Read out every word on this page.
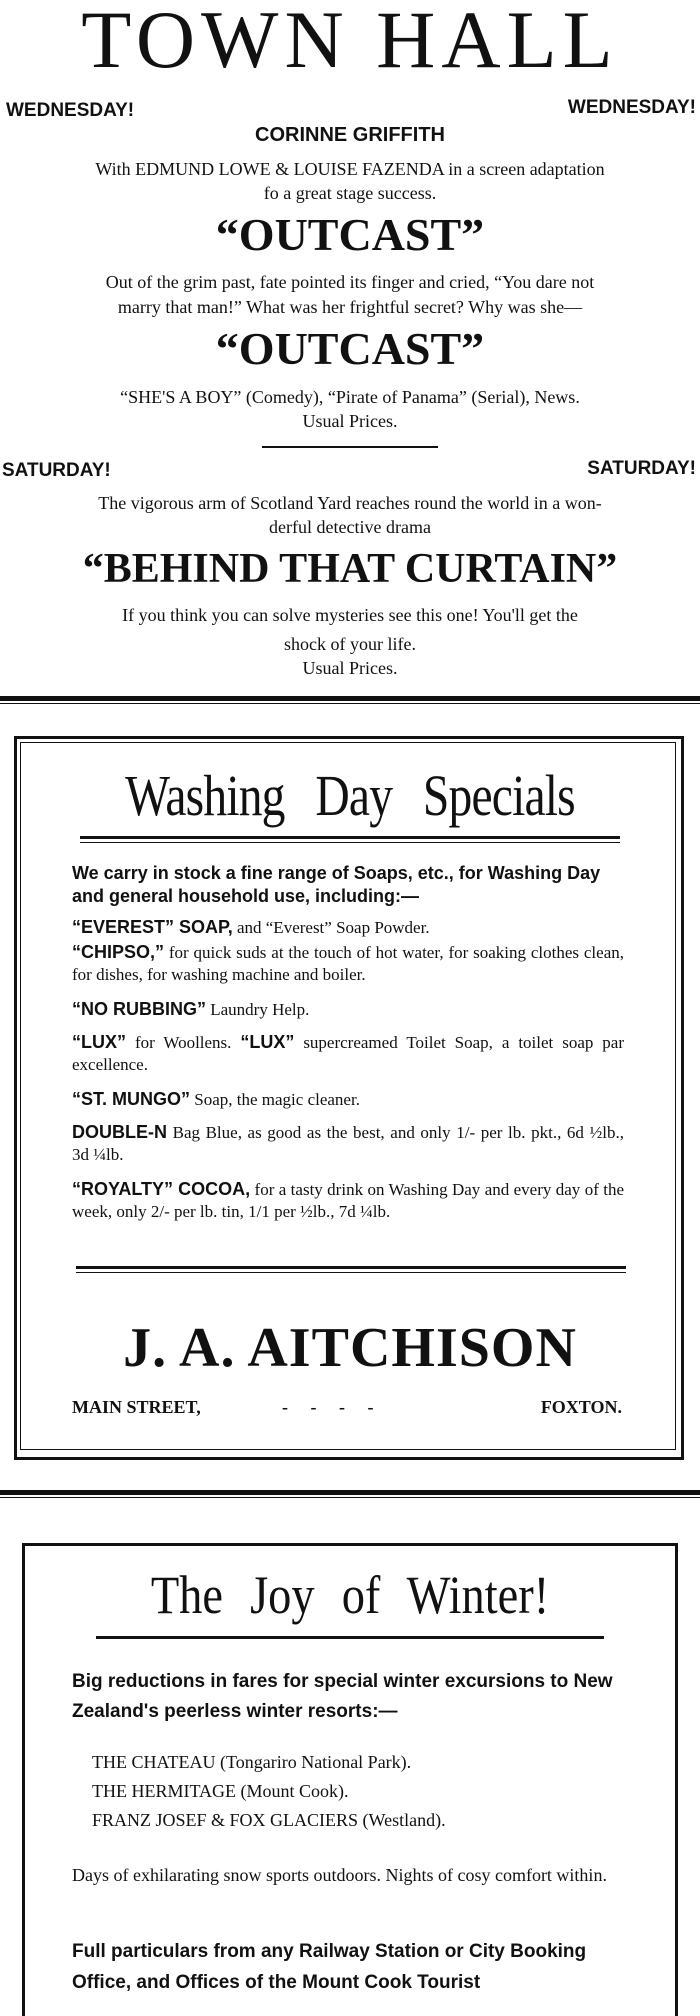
TOWN HALL
WEDNESDAY!	WEDNESDAY!
CORINNE GRIFFITH
With EDMUND LOWE & LOUISE FAZENDA in a screen adaptation
fo a great stage success.
“OUTCAST”
Out of the grim past, fate pointed its finger and cried, “You dare not
marry that man!” What was her frightful secret? Why was she—
“OUTCAST”
“SHE'S A BOY” (Comedy), “Pirate of Panama” (Serial), News.
Usual Prices.
SATURDAY!	SATURDAY!
The vigorous arm of Scotland Yard reaches round the world in a won-
derful detective drama
“BEHIND THAT CURTAIN”
If you think you can solve mysteries see this one! You'll get the
shock of your life.
Usual Prices.
Washing Day Specials
We carry in stock a fine range of Soaps, etc., for Washing Day and general household use, including:—
“EVEREST” SOAP, and “Everest” Soap Powder.
“CHIPSO,” for quick suds at the touch of hot water, for soaking clothes clean, for dishes, for washing machine and boiler.
“NO RUBBING” Laundry Help.
“LUX” for Woollens. “LUX” supercreamed Toilet Soap, a toilet soap par excellence.
“ST. MUNGO” Soap, the magic cleaner.
DOUBLE-N Bag Blue, as good as the best, and only 1/- per lb. pkt., 6d ½lb., 3d ¼lb.
“ROYALTY” COCOA, for a tasty drink on Washing Day and every day of the week, only 2/- per lb. tin, 1/1 per ½lb., 7d ¼lb.
J. A. AITCHISON
MAIN STREET,	-     -     -     -	FOXTON.
The Joy of Winter!
Big reductions in fares for special winter excursions to New Zealand's peerless winter resorts:—
THE CHATEAU (Tongariro National Park).
THE HERMITAGE (Mount Cook).
FRANZ JOSEF & FOX GLACIERS (Westland).
Days of exhilarating snow sports outdoors. Nights of cosy comfort within.
Full particulars from any Railway Station or City Booking Office, and Offices of the Mount Cook Tourist
